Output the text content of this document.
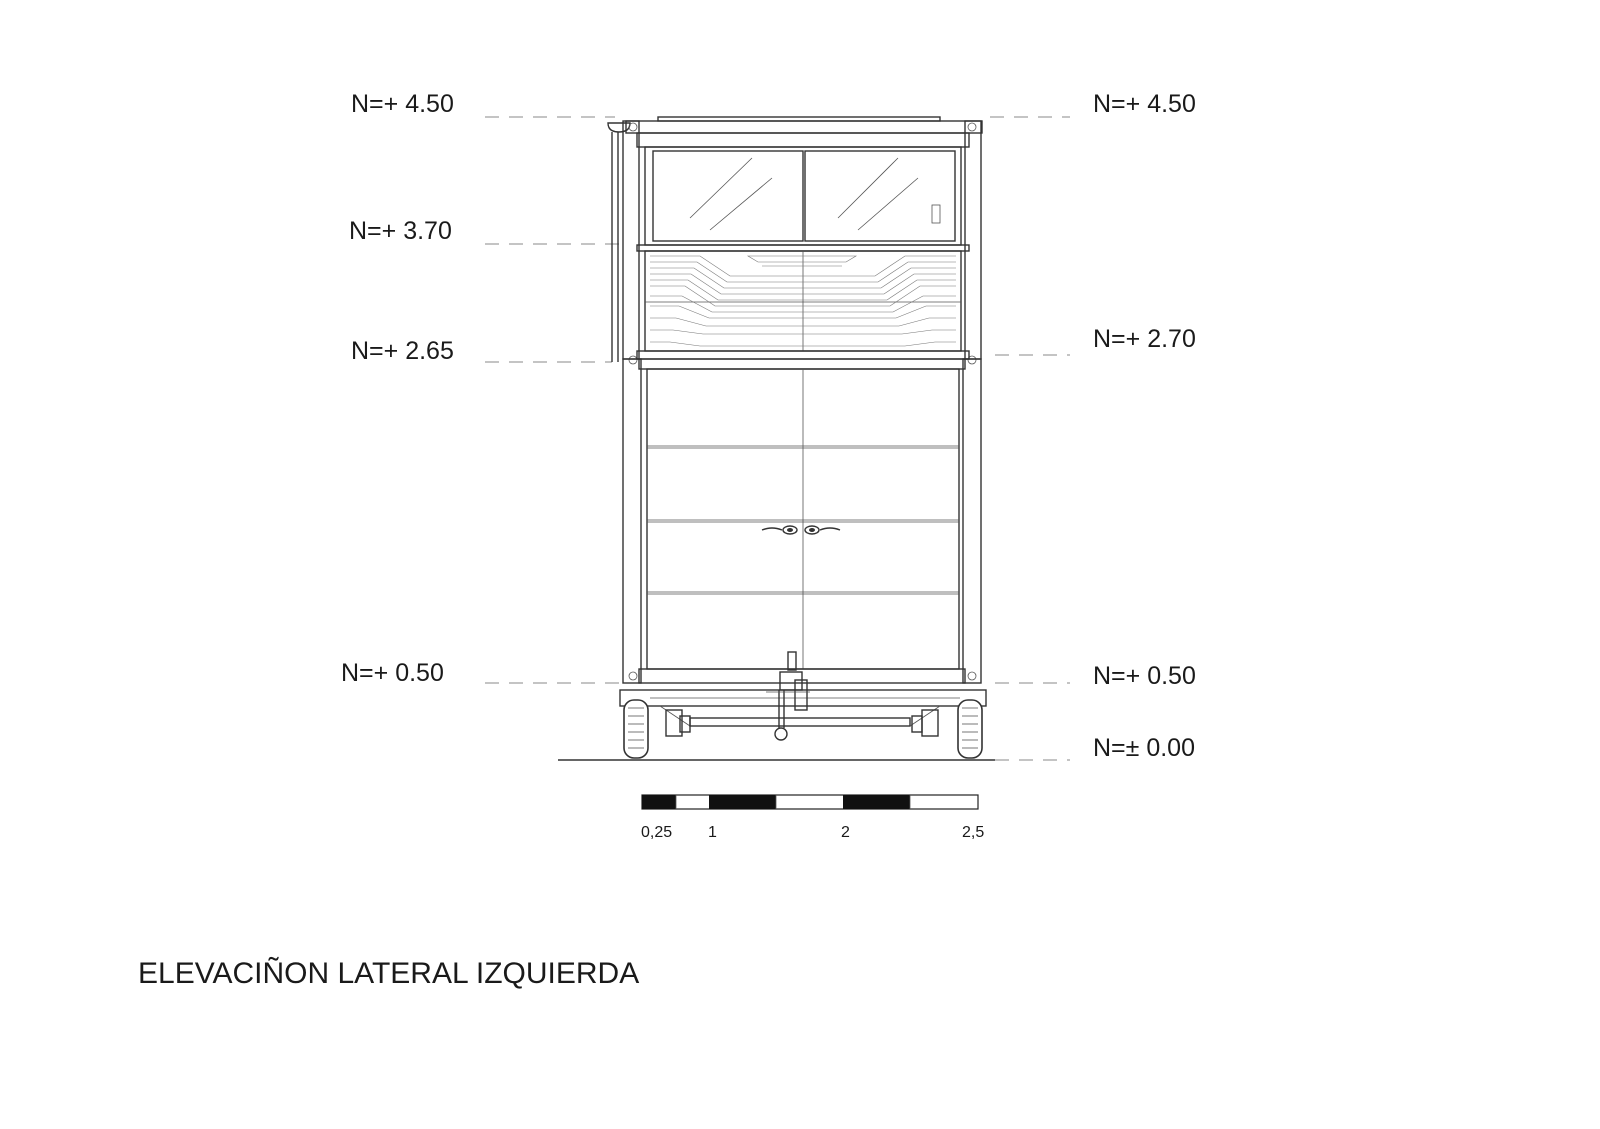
N=+ 4.50
N=+ 3.70
N=+ 2.65
N=+ 0.50
N=+ 4.50
N=+ 2.70
N=+ 0.50
N=± 0.00
0,25 1	2	2,5
ELEVACIÑON LATERAL IZQUIERDA
